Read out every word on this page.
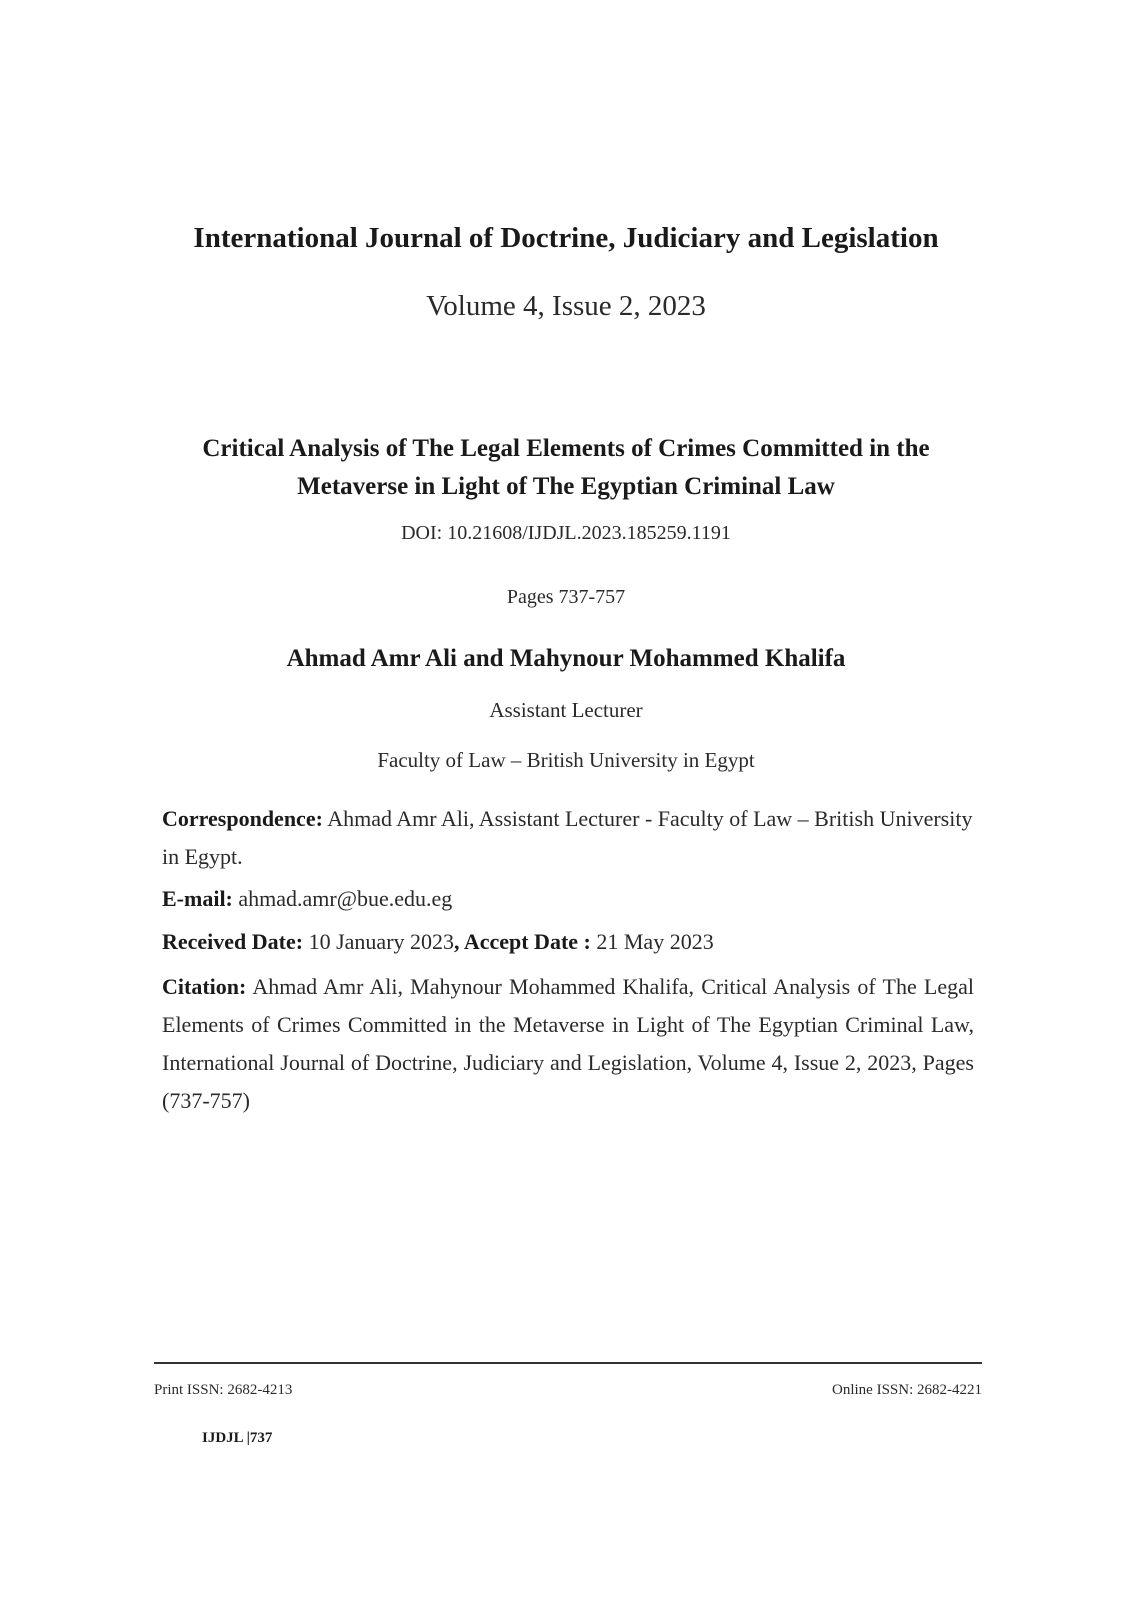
International Journal of Doctrine, Judiciary and Legislation
Volume 4, Issue 2, 2023
Critical Analysis of The Legal Elements of Crimes Committed in the Metaverse in Light of The Egyptian Criminal Law
DOI: 10.21608/IJDJL.2023.185259.1191
Pages 737-757
Ahmad Amr Ali and Mahynour Mohammed Khalifa
Assistant Lecturer
Faculty of Law – British University in Egypt
Correspondence: Ahmad Amr Ali, Assistant Lecturer - Faculty of Law – British University in Egypt.
E-mail: ahmad.amr@bue.edu.eg
Received Date: 10 January 2023, Accept Date : 21 May 2023
Citation: Ahmad Amr Ali, Mahynour Mohammed Khalifa, Critical Analysis of The Legal Elements of Crimes Committed in the Metaverse in Light of The Egyptian Criminal Law, International Journal of Doctrine, Judiciary and Legislation, Volume 4, Issue 2, 2023, Pages (737-757)
Print ISSN: 2682-4213	Online ISSN: 2682-4221
IJDJL |737
